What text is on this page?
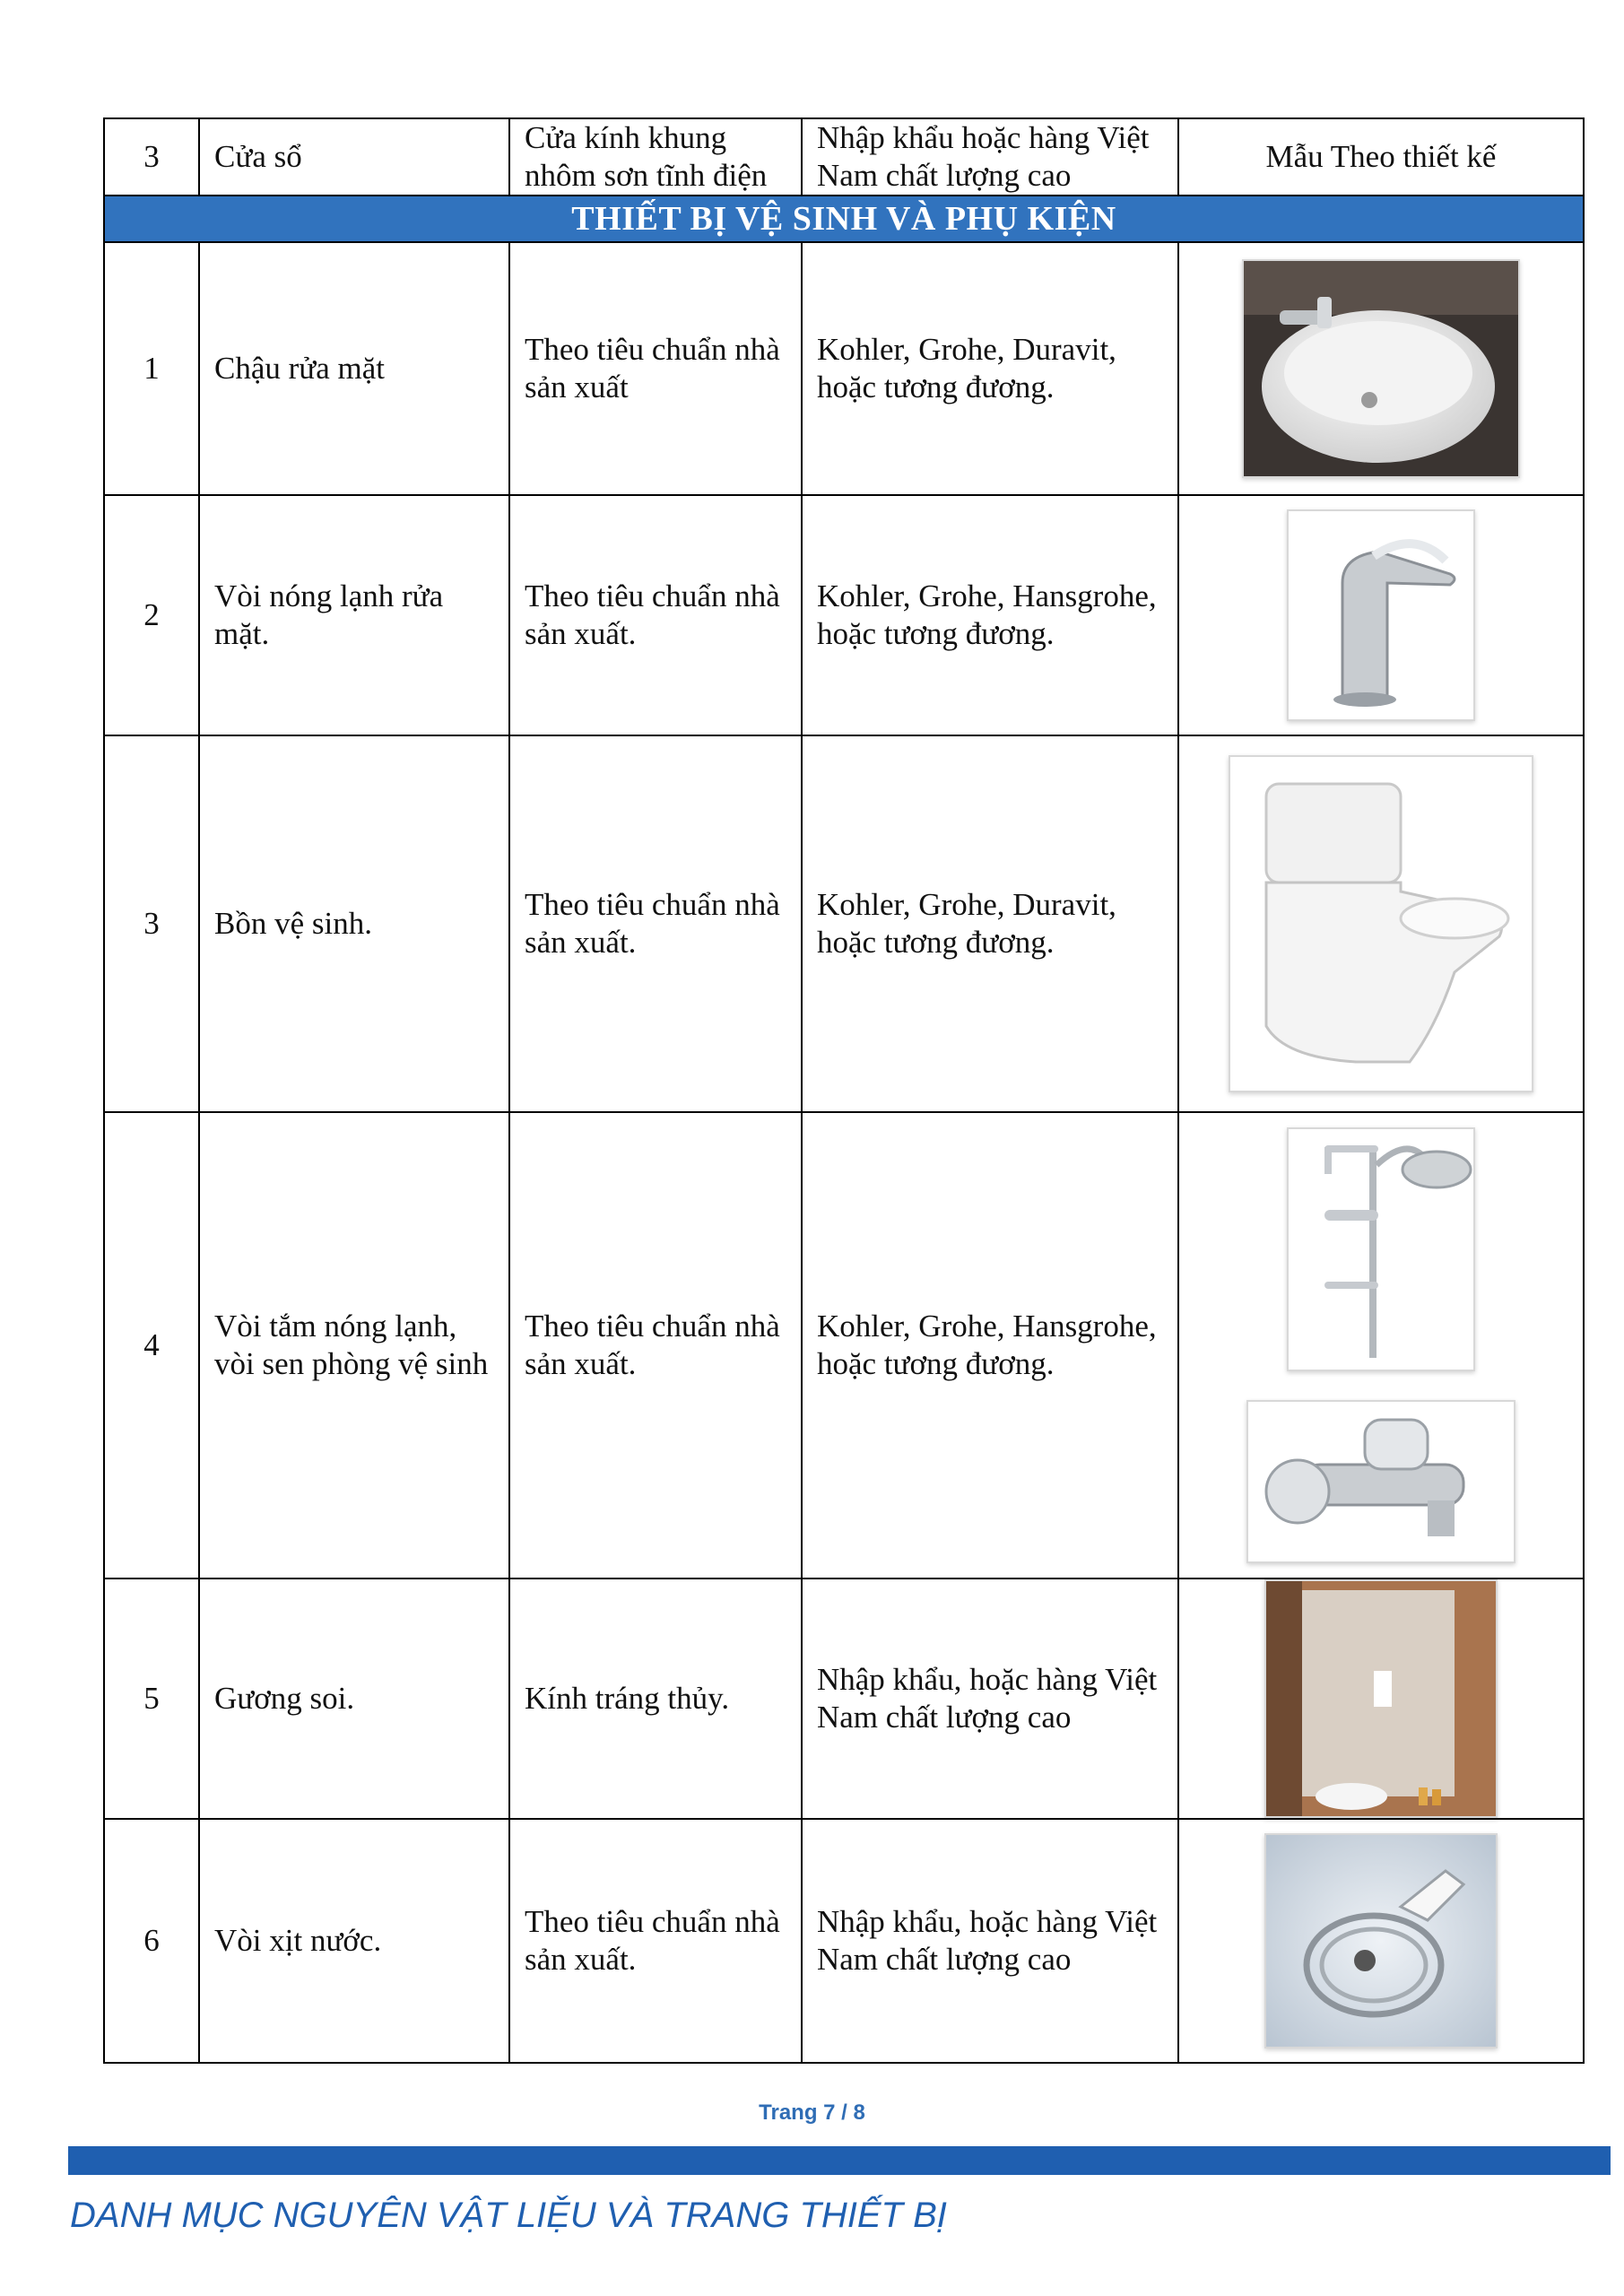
3	Cửa sổ	Cửa kính khung nhôm sơn tĩnh điện	Nhập khẩu hoặc hàng Việt Nam chất lượng cao	Mẫu Theo thiết kế
THIẾT BỊ VỆ SINH VÀ PHỤ KIỆN				
1	Chậu rửa mặt	Theo tiêu chuẩn nhà sản xuất	Kohler, Grohe, Duravit, hoặc tương đương.	

2	Vòi nóng lạnh rửa mặt.	Theo tiêu chuẩn nhà sản xuất.	Kohler, Grohe, Hansgrohe, hoặc tương đương.	

3	Bồn vệ sinh.	Theo tiêu chuẩn nhà sản xuất.	Kohler, Grohe, Duravit, hoặc tương đương.	

4	Vòi tắm nóng lạnh, vòi sen phòng vệ sinh	Theo tiêu chuẩn nhà sản xuất.	Kohler, Grohe, Hansgrohe, hoặc tương đương.	

5	Gương soi.	Kính tráng thủy.	Nhập khẩu, hoặc hàng Việt Nam chất lượng cao	

6	Vòi xịt nước.	Theo tiêu chuẩn nhà sản xuất.	Nhập khẩu, hoặc hàng Việt Nam chất lượng cao	
Trang 7 / 8
DANH MỤC NGUYÊN VẬT LIỆU VÀ TRANG THIẾT BỊ
